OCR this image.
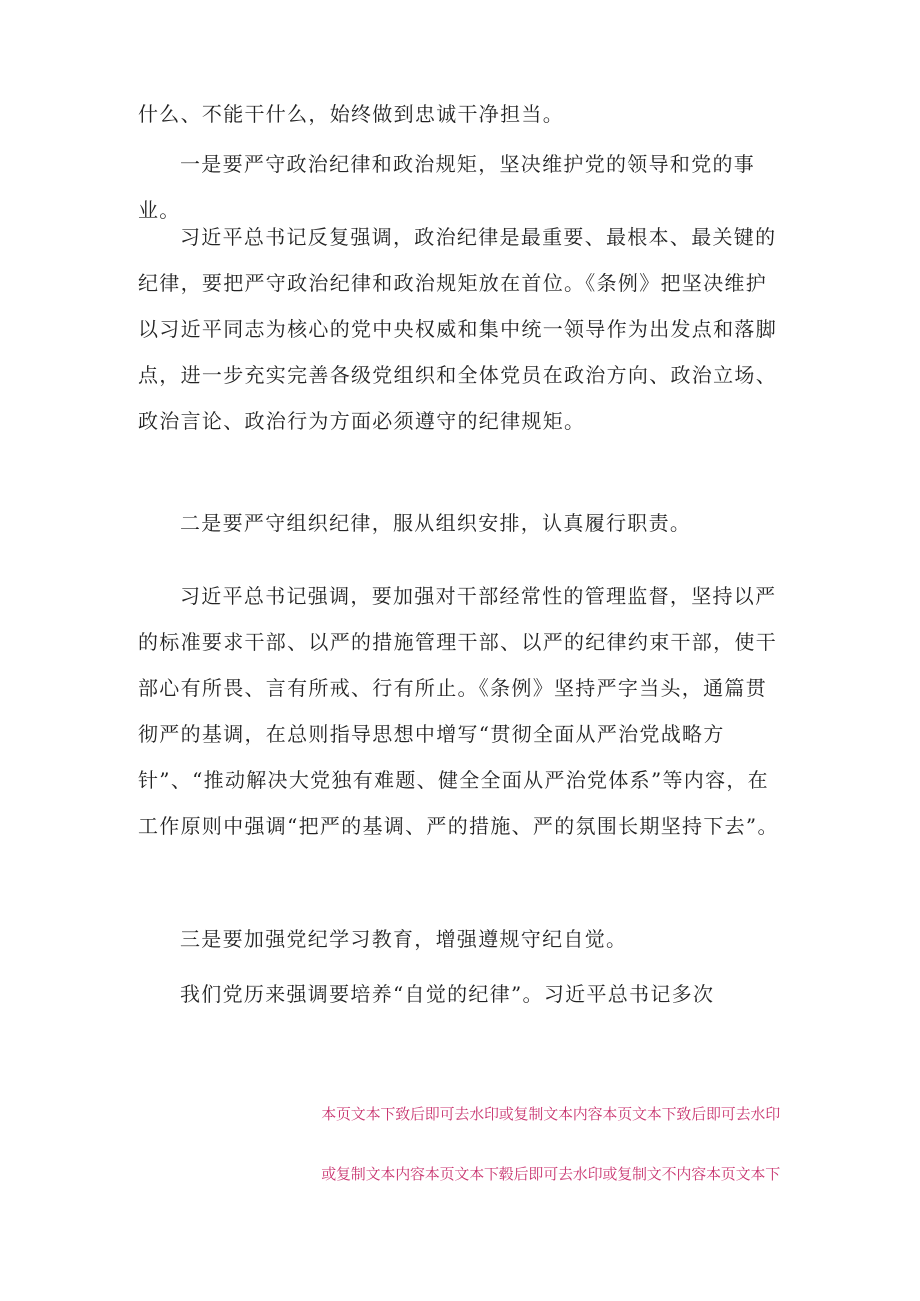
什么、不能干什么，始终做到忠诚干净担当。

一是要严守政治纪律和政治规矩，坚决维护党的领导和党的事业。

习近平总书记反复强调，政治纪律是最重要、最根本、最关键的纪律，要把严守政治纪律和政治规矩放在首位。《条例》把坚决维护以习近平同志为核心的党中央权威和集中统一领导作为出发点和落脚点，进一步充实完善各级党组织和全体党员在政治方向、政治立场、政治言论、政治行为方面必须遵守的纪律规矩。

二是要严守组织纪律，服从组织安排，认真履行职责。

习近平总书记强调，要加强对干部经常性的管理监督，坚持以严的标准要求干部、以严的措施管理干部、以严的纪律约束干部，使干部心有所畏、言有所戒、行有所止。《条例》坚持严字当头，通篇贯彻严的基调，在总则指导思想中增写“贯彻全面从严治党战略方针”、“推动解决大党独有难题、健全全面从严治党体系”等内容，在工作原则中强调“把严的基调、严的措施、严的氛围长期坚持下去”。

三是要加强党纪学习教育，增强遵规守纪自觉。

我们党历来强调要培养“自觉的纪律”。习近平总书记多次

本页文本下致后即可去水印或复制文本内容本页文本下致后即可去水印

或复制文本内容本页文本下毂后即可去水印或复制文不内容本页文本下
